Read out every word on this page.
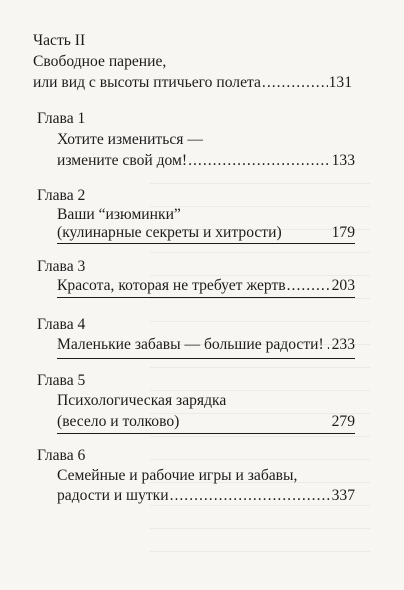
Часть II
Свободное парение,
или вид с высоты птичьего полета .....	131
Глава 1
Хотите измениться —
измените свой дом! .....	133
Глава 2
Ваши “изюминки”
(кулинарные секреты и хитрости)	179
Глава 3
Красота, которая не требует жертв .....	203
Глава 4
Маленькие забавы — большие радости! ..... 233
Глава 5
Психологическая зарядка
(весело и толково)	279
Глава 6
Семейные и рабочие игры и забавы,
радости и шутки .....	337
